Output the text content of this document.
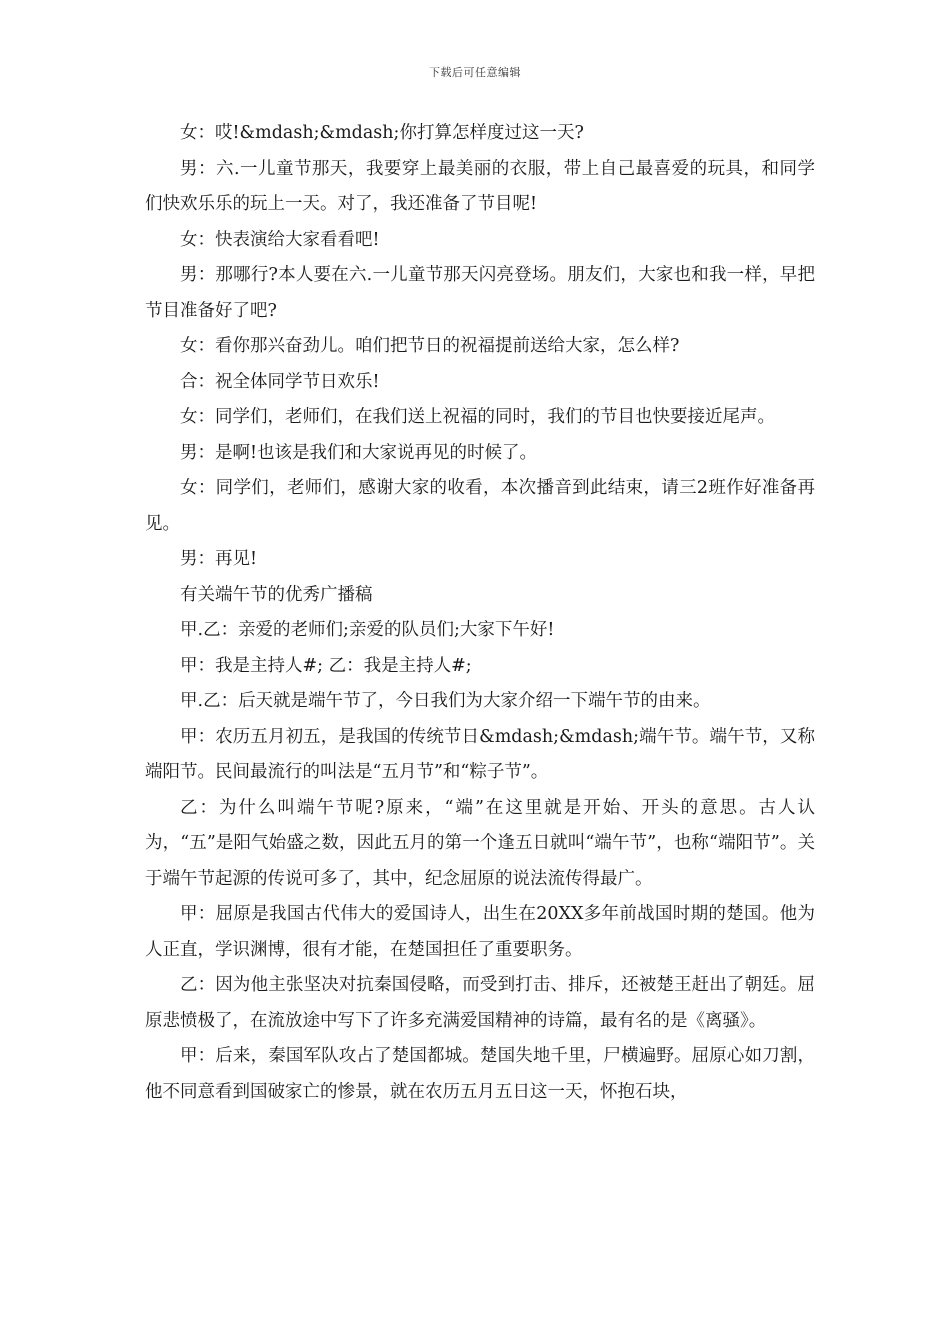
下载后可任意编辑

女：哎!&mdash;&mdash;你打算怎样度过这一天?

男：六.一儿童节那天，我要穿上最美丽的衣服，带上自己最喜爱的玩具，和同学们快欢乐乐的玩上一天。对了，我还准备了节目呢!

女：快表演给大家看看吧!

男：那哪行?本人要在六.一儿童节那天闪亮登场。朋友们，大家也和我一样，早把节目准备好了吧?

女：看你那兴奋劲儿。咱们把节日的祝福提前送给大家，怎么样?

合：祝全体同学节日欢乐!

女：同学们，老师们，在我们送上祝福的同时，我们的节目也快要接近尾声。

男：是啊!也该是我们和大家说再见的时候了。

女：同学们，老师们，感谢大家的收看，本次播音到此结束，请三2班作好准备再见。

男：再见!

有关端午节的优秀广播稿

甲.乙：亲爱的老师们;亲爱的队员们;大家下午好!

甲：我是主持人#; 乙：我是主持人#;

甲.乙：后天就是端午节了，今日我们为大家介绍一下端午节的由来。

甲：农历五月初五，是我国的传统节日&mdash;&mdash;端午节。端午节，又称端阳节。民间最流行的叫法是“五月节”和“粽子节”。

乙：为什么叫端午节呢?原来，“端”在这里就是开始、开头的意思。古人认为，“五”是阳气始盛之数，因此五月的第一个逢五日就叫“端午节”，也称“端阳节”。关于端午节起源的传说可多了，其中，纪念屈原的说法流传得最广。

甲：屈原是我国古代伟大的爱国诗人，出生在20XX多年前战国时期的楚国。他为人正直，学识渊博，很有才能，在楚国担任了重要职务。

乙：因为他主张坚决对抗秦国侵略，而受到打击、排斥，还被楚王赶出了朝廷。屈原悲愤极了，在流放途中写下了许多充满爱国精神的诗篇，最有名的是《离骚》。

甲：后来，秦国军队攻占了楚国都城。楚国失地千里，尸横遍野。屈原心如刀割，他不同意看到国破家亡的惨景，就在农历五月五日这一天，怀抱石块，
